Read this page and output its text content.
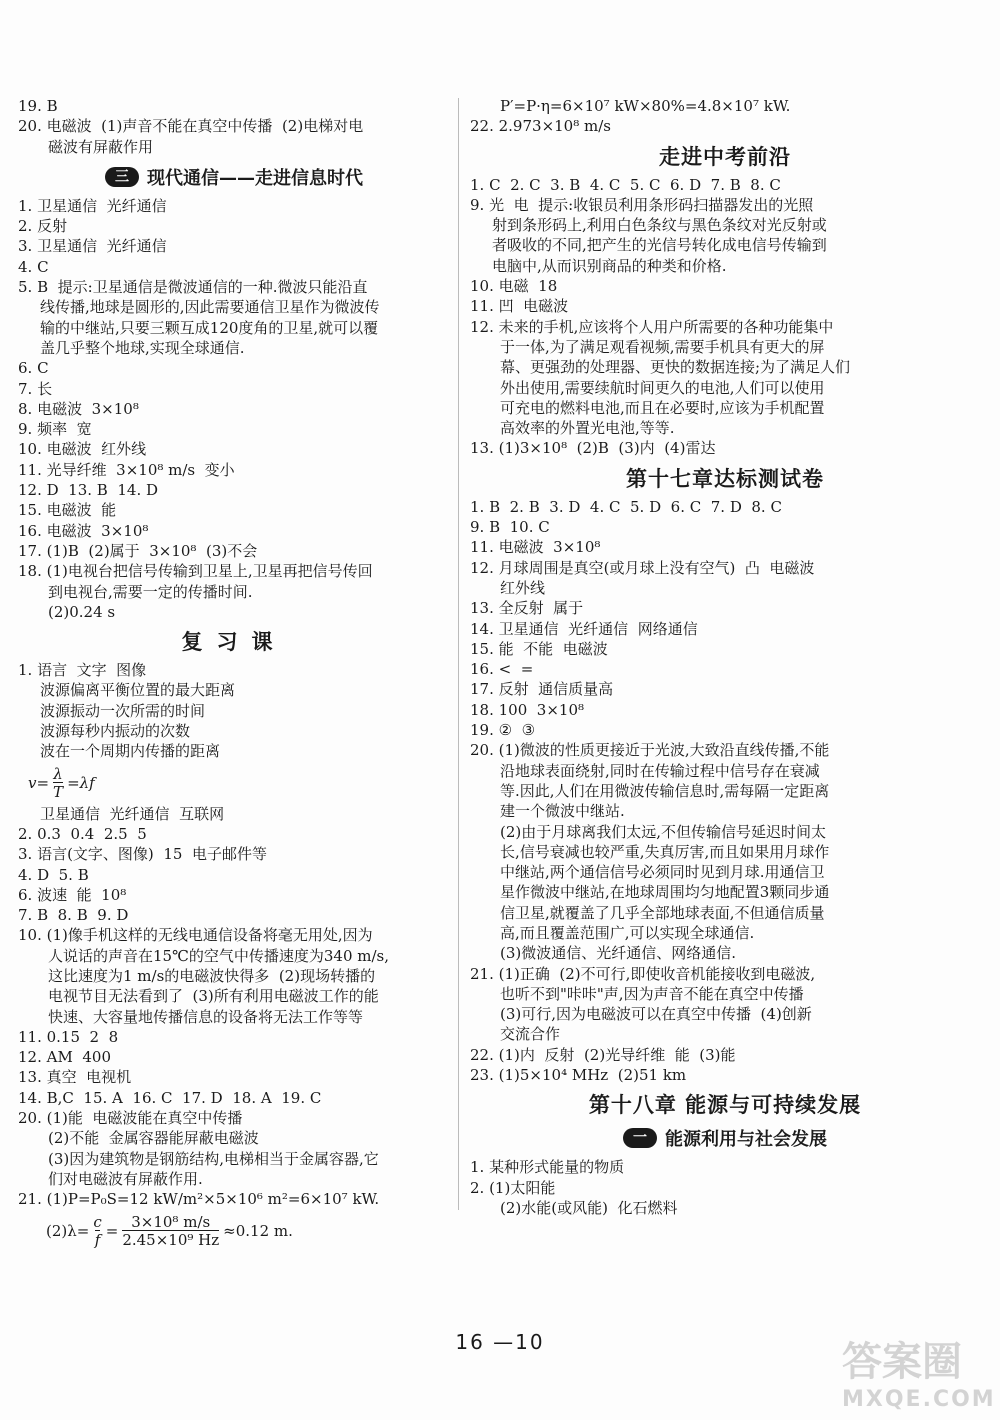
19. B
20. 电磁波  (1)声音不能在真空中传播  (2)电梯对电
磁波有屏蔽作用
三	现代通信——走进信息时代
1. 卫星通信  光纤通信
2. 反射
3. 卫星通信  光纤通信
4. C
5. B  提示:卫星通信是微波通信的一种.微波只能沿直
线传播,地球是圆形的,因此需要通信卫星作为微波传
输的中继站,只要三颗互成120度角的卫星,就可以覆
盖几乎整个地球,实现全球通信.
6. C
7. 长
8. 电磁波  3×10⁸
9. 频率  宽
10. 电磁波  红外线
11. 光导纤维  3×10⁸ m/s  变小
12. D  13. B  14. D
15. 电磁波  能
16. 电磁波  3×10⁸
17. (1)B  (2)属于  3×10⁸  (3)不会
18. (1)电视台把信号传输到卫星上,卫星再把信号传回
到电视台,需要一定的传播时间.
(2)0.24 s
复习课
1. 语言  文字  图像
波源偏离平衡位置的最大距离
波源振动一次所需的时间
波源每秒内振动的次数
波在一个周期内传播的距离
$v= \frac{\lambda}{T} =\lambda f$
卫星通信  光纤通信  互联网
2. 0.3  0.4  2.5  5
3. 语言(文字、图像)  15  电子邮件等
4. D  5. B
6. 波速  能  10⁸
7. B  8. B  9. D
10. (1)像手机这样的无线电通信设备将毫无用处,因为
人说话的声音在15℃的空气中传播速度为340 m/s,
这比速度为1 m/s的电磁波快得多  (2)现场转播的
电视节目无法看到了  (3)所有利用电磁波工作的能
快速、大容量地传播信息的设备将无法工作等等
11. 0.15  2  8
12. AM  400
13. 真空  电视机
14. B,C  15. A  16. C  17. D  18. A  19. C
20. (1)能  电磁波能在真空中传播
(2)不能  金属容器能屏蔽电磁波
(3)因为建筑物是钢筋结构,电梯相当于金属容器,它
们对电磁波有屏蔽作用.
21. (1)P=P₀S=12 kW/m²×5×10⁶ m²=6×10⁷ kW.
$(2)\lambda= \frac{c}{f} = \frac{\text{3×10⁸ m/s}}{\text{2.45×10⁹ Hz}} \approx 0.12$ m.
P′=P·η=6×10⁷ kW×80%=4.8×10⁷ kW.
22. 2.973×10⁸ m/s
走进中考前沿
1. C  2. C  3. B  4. C  5. C  6. D  7. B  8. C
9. 光  电  提示:收银员利用条形码扫描器发出的光照
射到条形码上,利用白色条纹与黑色条纹对光反射或
者吸收的不同,把产生的光信号转化成电信号传输到
电脑中,从而识别商品的种类和价格.
10. 电磁  18
11. 凹  电磁波
12. 未来的手机,应该将个人用户所需要的各种功能集中
于一体,为了满足观看视频,需要手机具有更大的屏
幕、更强劲的处理器、更快的数据连接;为了满足人们
外出使用,需要续航时间更久的电池,人们可以使用
可充电的燃料电池,而且在必要时,应该为手机配置
高效率的外置光电池,等等.
13. (1)3×10⁸  (2)B  (3)内  (4)雷达
第十七章达标测试卷
1. B  2. B  3. D  4. C  5. D  6. C  7. D  8. C
9. B  10. C
11. 电磁波  3×10⁸
12. 月球周围是真空(或月球上没有空气)  凸  电磁波
红外线
13. 全反射  属于
14. 卫星通信  光纤通信  网络通信
15. 能  不能  电磁波
16. <  =
17. 反射  通信质量高
18. 100  3×10⁸
19. ②  ③
20. (1)微波的性质更接近于光波,大致沿直线传播,不能
沿地球表面绕射,同时在传输过程中信号存在衰减
等.因此,人们在用微波传输信息时,需每隔一定距离
建一个微波中继站.
(2)由于月球离我们太远,不但传输信号延迟时间太
长,信号衰减也较严重,失真厉害,而且如果用月球作
中继站,两个通信信号必须同时见到月球.用通信卫
星作微波中继站,在地球周围均匀地配置3颗同步通
信卫星,就覆盖了几乎全部地球表面,不但通信质量
高,而且覆盖范围广,可以实现全球通信.
(3)微波通信、光纤通信、网络通信.
21. (1)正确  (2)不可行,即使收音机能接收到电磁波,
也听不到"咔咔"声,因为声音不能在真空中传播
(3)可行,因为电磁波可以在真空中传播  (4)创新
交流合作
22. (1)内  反射  (2)光导纤维  能  (3)能
23. (1)5×10⁴ MHz  (2)51 km
第十八章 能源与可持续发展
一	能源利用与社会发展
1. 某种形式能量的物质
2. (1)太阳能
(2)水能(或风能)  化石燃料
16 —10	答案圈
MXQE.COM
